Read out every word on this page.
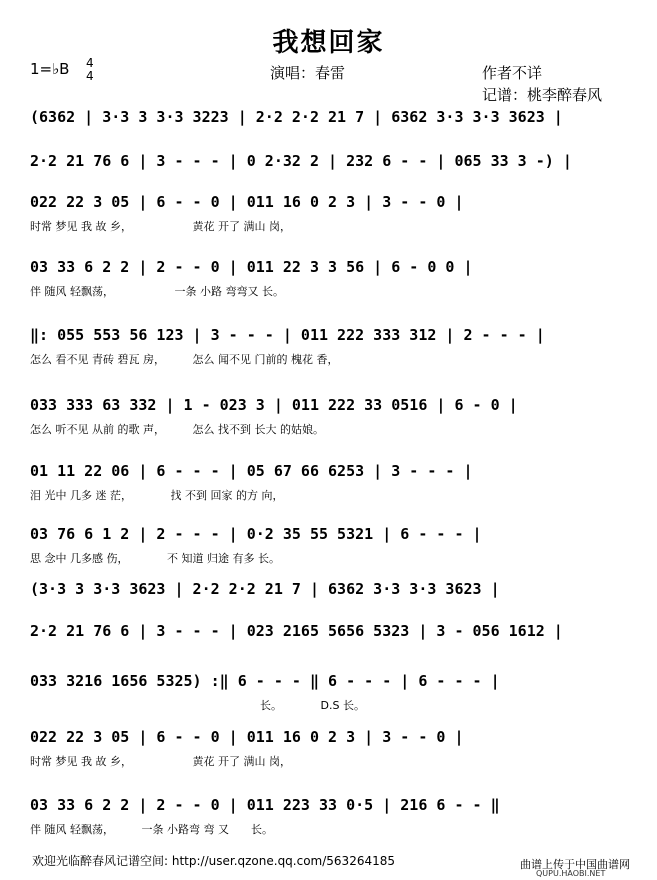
我想回家
1=♭B 4
4	演唱：春雷	作者不详
记谱：桃李醉春风
(6362 | 3·3 3 3·3 3223 | 2·2 2·2 21 7 | 6362 3·3 3·3 3623 |
2·2 21 76 6 | 3 - - - | 0 2·32 2 | 232 6 - - | 065 33 3 -) |
022 22 3 05 | 6 - - 0 | 011 16 0 2 3 | 3 - - 0 |
时常 梦见 我 故 乡，　　　　　　黄花 开了 满山 岗，
03 33 6 2 2 | 2 - - 0 | 011 22 3 3 56 | 6 - 0 0 |
伴 随风 轻飘荡，　　　　　　一条 小路 弯弯又 长。
‖: 055 553 56 123 | 3 - - - | 011 222 333 312 | 2 - - - |
怎么 看不见 青砖 碧瓦 房，　　　怎么 闻不见 门前的 槐花 香，
033 333 63 332 | 1 - 023 3 | 011 222 33 0516 | 6 - 0 |
怎么 听不见 从前 的歌 声，　　　怎么 找不到 长大 的姑娘。
01 11 22 06 | 6 - - - | 05 67 66 6253 | 3 - - - |
泪 光中 几多 迷 茫，　　　　找 不到 回家 的方 向，
03 76 6 1 2 | 2 - - - | 0·2 35 55 5321 | 6 - - - |
思 念中 几多感 伤，　　　　不 知道 归途 有多 长。
(3·3 3 3·3 3623 | 2·2 2·2 21 7 | 6362 3·3 3·3 3623 |
2·2 21 76 6 | 3 - - - | 023 2165 5656 5323 | 3 - 056 1612 |
033 3216 1656 5325) :‖ 6 - - - ‖ 6 - - - | 6 - - - |
长。　　　　D.S 长。
022 22 3 05 | 6 - - 0 | 011 16 0 2 3 | 3 - - 0 |
时常 梦见 我 故 乡，　　　　　　黄花 开了 满山 岗，
03 33 6 2 2 | 2 - - 0 | 011 223 33 0·5 | 216 6 - - ‖
伴 随风 轻飘荡，　　　一条 小路弯 弯 又　　长。
欢迎光临醉春风记谱空间: http://user.qzone.qq.com/563264185	曲谱上传于中国曲谱网
QUPU.HAOBI.NET
